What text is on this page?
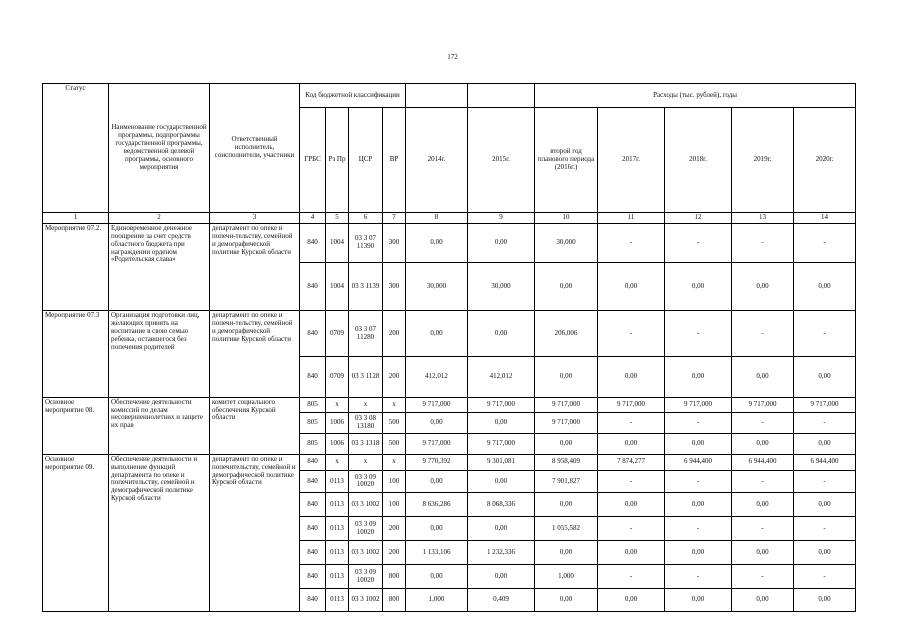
172
Статус	Наименование государственной программы, подпрограммы государственной программы, ведомственной целевой программы, основного мероприятия	Ответственный исполнитель, соисполнители, участники	Код бюджетной классификации						Расходы (тыс. рублей), годы				
			ГРБС	Рз Пр	ЦСР	ВР	2014г.	2015г.	второй год планового периода (2016г.)	2017г.	2018г.	2019г.	2020г.
1	2	3	4	5	6	7	8	9	10	11	12	13	14
Мероприятие 07.2.	Единовременное денежное поощрение за счет средств областного бюджета при награждении орденом «Родительская слава»	департамент по опеке и попечи-тельству, семейной и демографической политике Курской области	840	1004	03 3 07 11390	300	0,00	0,00	30,000	-	-	-	-
			840	1004	03 3 1139	300	30,000	30,000	0,00	0,00	0,00	0,00	0,00
Мероприятие 07.3	Организация подготовки лиц, желающих принять на воспитание в свою семью ребенка, оставшегося без попечения родителей	департамент по опеке и попечи-тельству, семейной и демографической политике Курской области	840	0709	03 3 07 11280	200	0,00	0,00	206,006	-	-	-	-
			840	0709	03 3 1128	200	412,012	412,012	0,00	0,00	0,00	0,00	0,00
Основное мероприятие 08.	Обеспечение деятельности комиссий по делам несовершеннолетних и защите их прав	комитет социального обеспечения Курской области	805	х	х	х	9 717,000	9 717,000	9 717,000	9 717,000	9 717,000	9 717,000	9 717,000
			805	1006	03 3 08 13180	500	0,00	0,00	9 717,000	-	-	-	-
			805	1006	03 3 1318	500	9 717,000	9 717,000	0,00	0,00	0,00	0,00	0,00
Основное мероприятие 09.	Обеспечение деятельности и выполнение функций департамента по опеке и попечительству, семейной и демографической политике Курской области	департамент по опеке и попечительству, семейной и демографической политике Курской области	840	х	х	х	9 770,392	9 301,081	8 958,409	7 874,277	6 944,400	6 944,400	6 944,400
			840	0113	03 3 09 10020	100	0,00	0,00	7 901,827	-	-	-	-
			840	0113	03 3 1002	100	8 636,286	8 068,336	0,00	0,00	0,00	0,00	0,00
			840	0113	03 3 09 10020	200	0,00	0,00	1 055,582	-	-	-	-
			840	0113	03 3 1002	200	1 133,106	1 232,336	0,00	0,00	0,00	0,00	0,00
			840	0113	03 3 09 10020	800	0,00	0,00	1,000	-	-	-	-
			840	0113	03 3 1002	800	1,000	0,409	0,00	0,00	0,00	0,00	0,00
